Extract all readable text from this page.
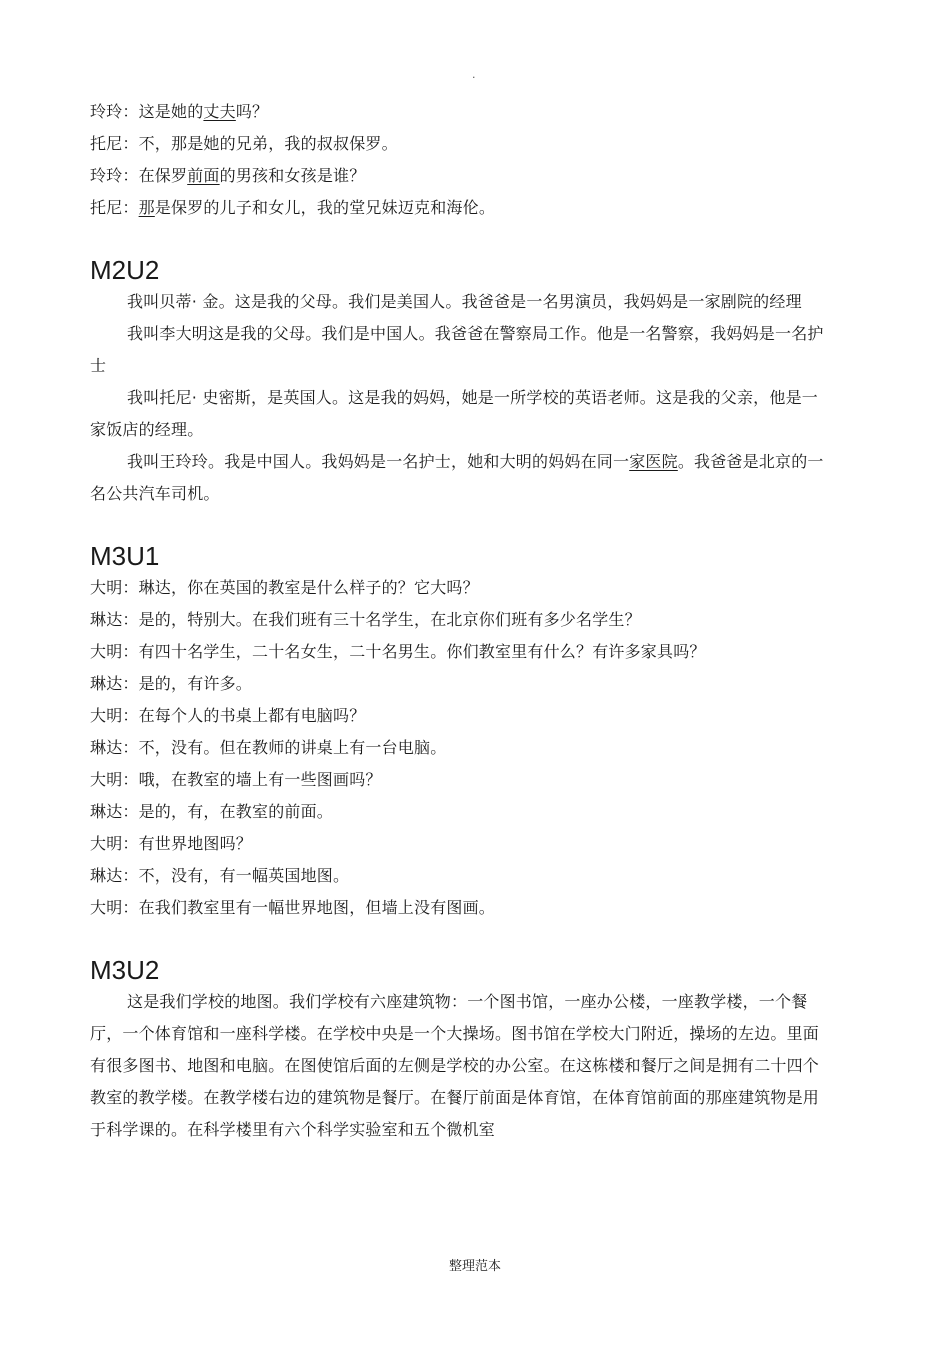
·
玲玲：这是她的丈夫吗？
托尼：不，那是她的兄弟，我的叔叔保罗。
玲玲：在保罗前面的男孩和女孩是谁？
托尼：那是保罗的儿子和女儿，我的堂兄妹迈克和海伦。
M2U2

我叫贝蒂· 金。这是我的父母。我们是美国人。我爸爸是一名男演员，我妈妈是一家剧院的经理

我叫李大明这是我的父母。我们是中国人。我爸爸在警察局工作。他是一名警察，我妈妈是一名护士

我叫托尼· 史密斯，是英国人。这是我的妈妈，她是一所学校的英语老师。这是我的父亲，他是一家饭店的经理。

我叫王玲玲。我是中国人。我妈妈是一名护士，她和大明的妈妈在同一家医院。我爸爸是北京的一名公共汽车司机。

M3U1
大明：琳达，你在英国的教室是什么样子的？它大吗？
琳达：是的，特别大。在我们班有三十名学生，在北京你们班有多少名学生？
大明：有四十名学生，二十名女生，二十名男生。你们教室里有什么？有许多家具吗？
琳达：是的，有许多。
大明：在每个人的书桌上都有电脑吗？
琳达：不，没有。但在教师的讲桌上有一台电脑。
大明：哦，在教室的墙上有一些图画吗？
琳达：是的，有，在教室的前面。
大明：有世界地图吗？
琳达：不，没有，有一幅英国地图。
大明：在我们教室里有一幅世界地图，但墙上没有图画。
M3U2

这是我们学校的地图。我们学校有六座建筑物：一个图书馆，一座办公楼，一座教学楼，一个餐厅，一个体育馆和一座科学楼。在学校中央是一个大操场。图书馆在学校大门附近，操场的左边。里面有很多图书、地图和电脑。在图使馆后面的左侧是学校的办公室。在这栋楼和餐厅之间是拥有二十四个教室的教学楼。在教学楼右边的建筑物是餐厅。在餐厅前面是体育馆，在体育馆前面的那座建筑物是用于科学课的。在科学楼里有六个科学实验室和五个微机室

整理范本
